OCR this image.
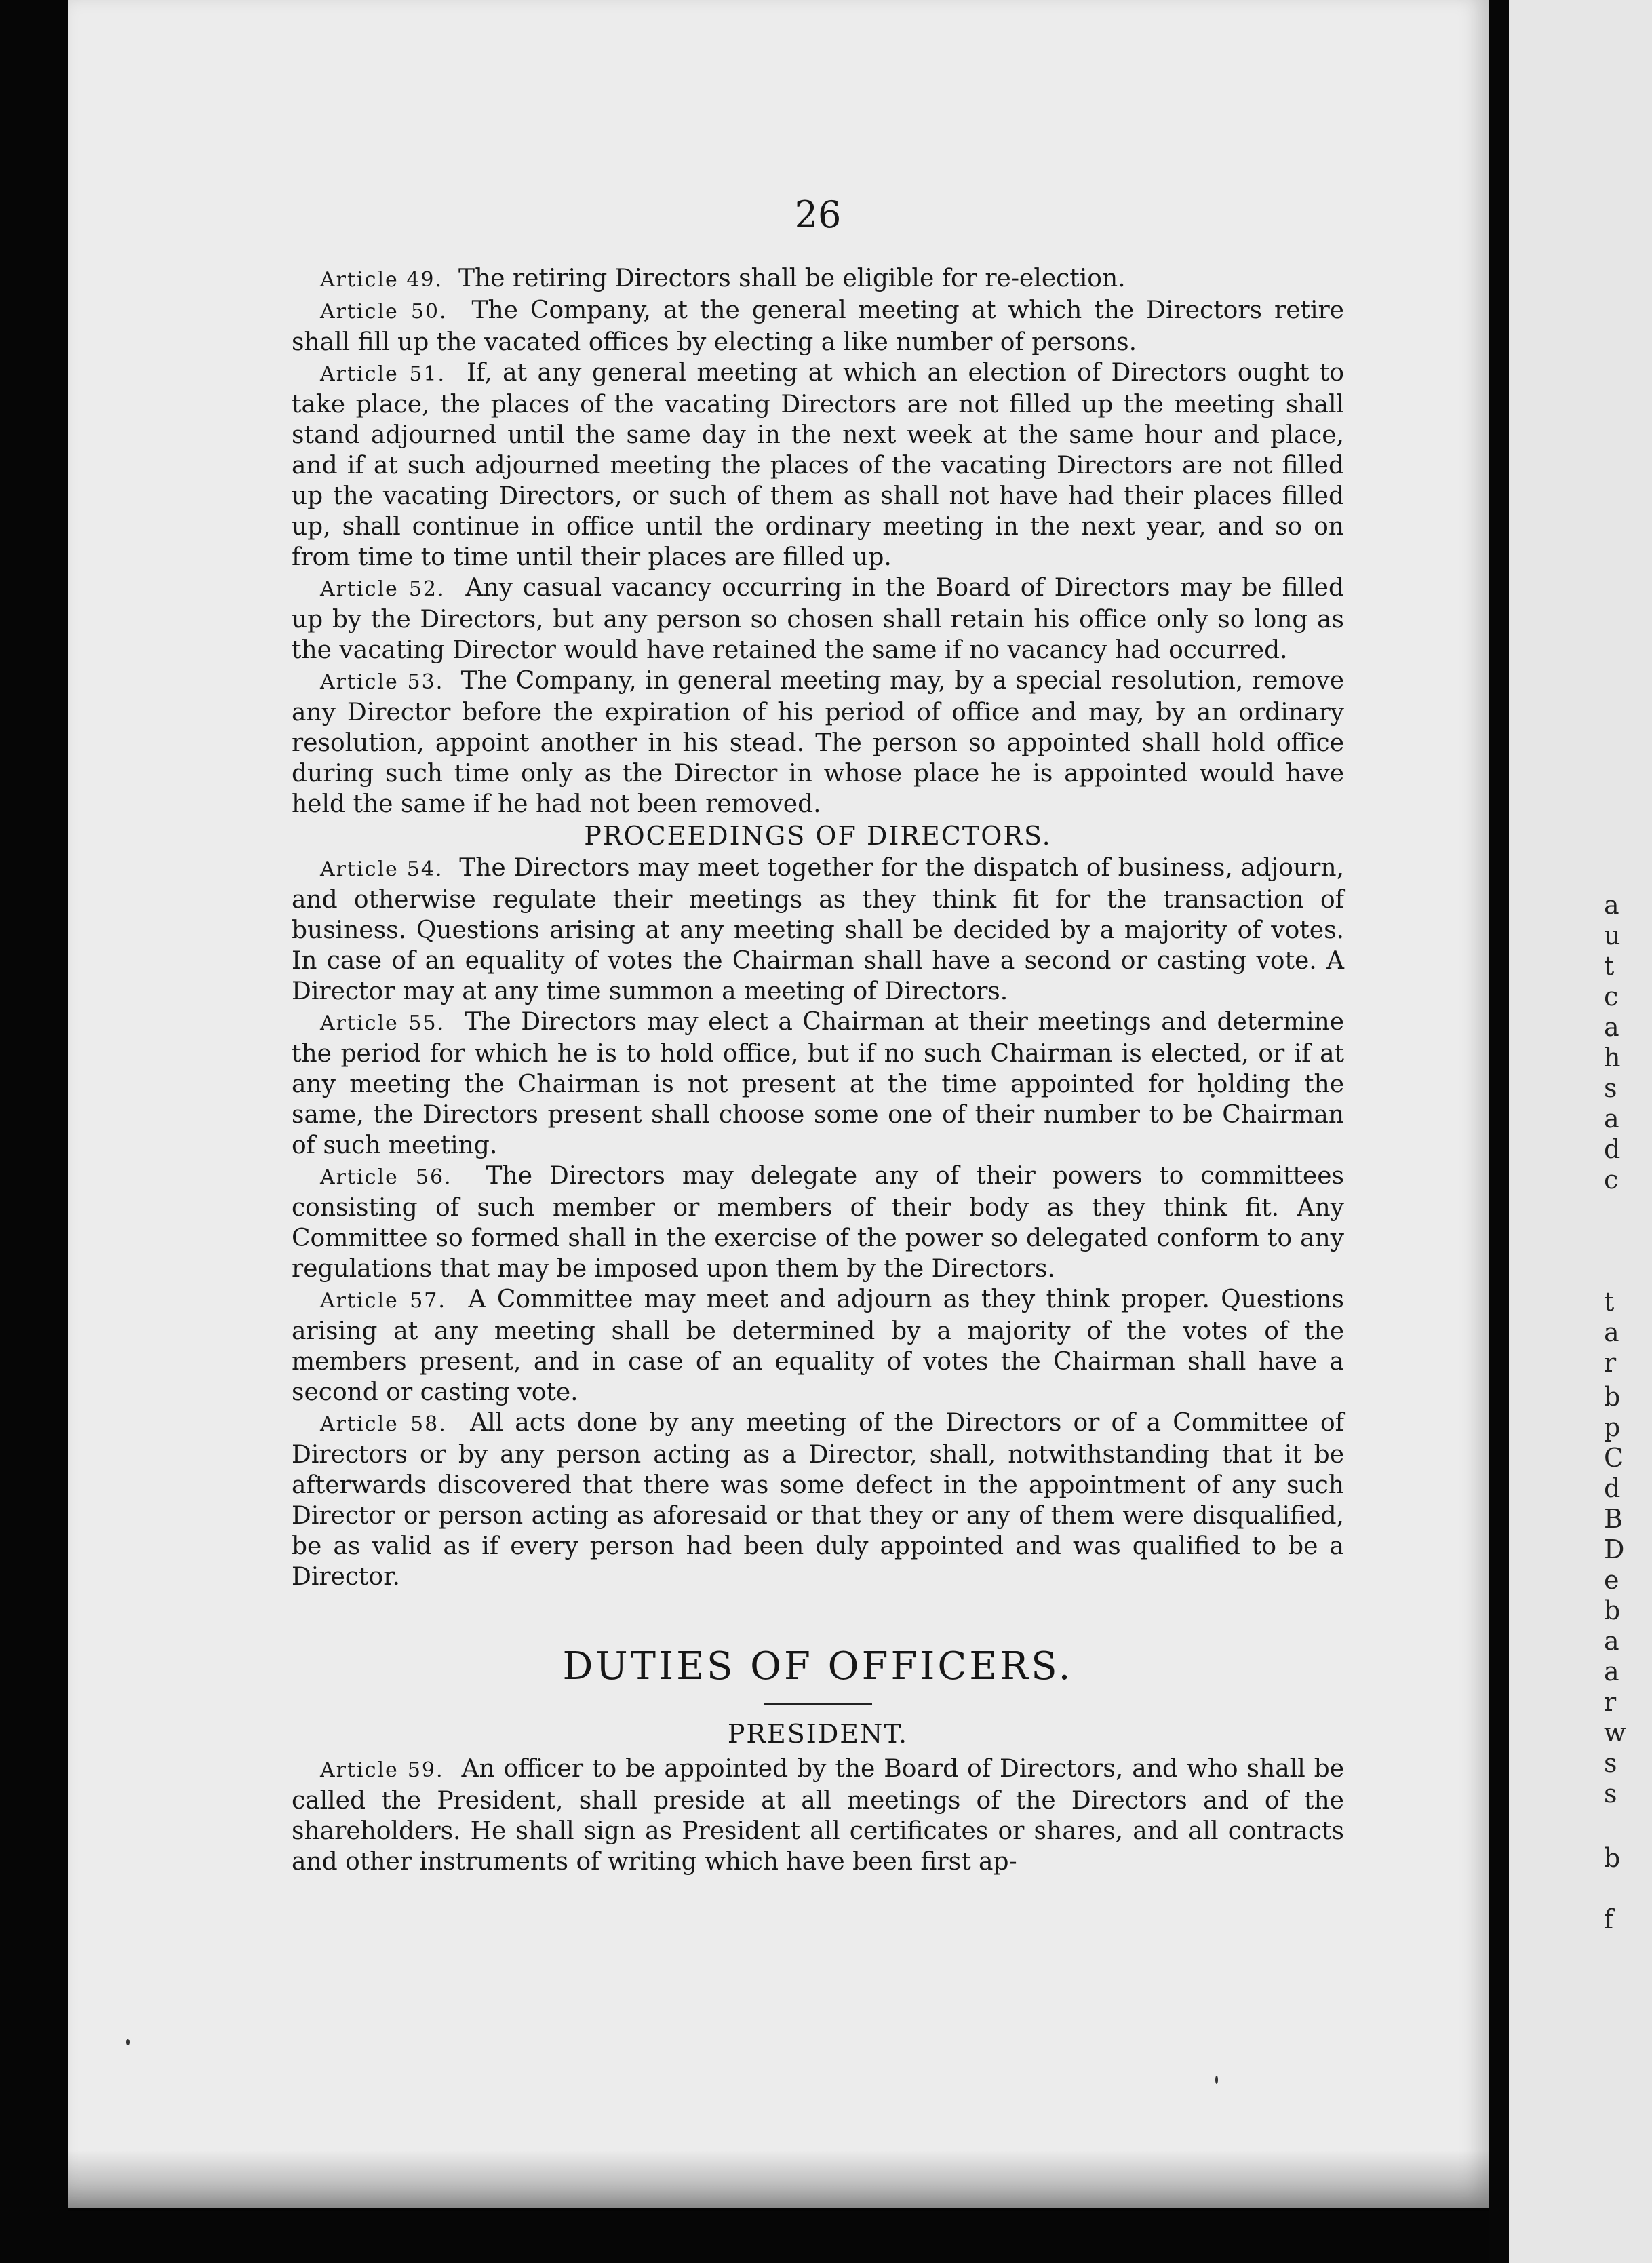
a
u
t
c
a
h
s
a
d
c
t
a
r
b
p
C
d
B
D
e
b
a
a
r
w
s
s
b
f
26

Article 49. The retiring Directors shall be eligible for re-election.

Article 50. The Company, at the general meeting at which the Directors retire shall fill up the vacated offices by electing a like number of persons.

Article 51. If, at any general meeting at which an election of Directors ought to take place, the places of the vacating Directors are not filled up the meeting shall stand adjourned until the same day in the next week at the same hour and place, and if at such adjourned meeting the places of the vacating Directors are not filled up the vacating Directors, or such of them as shall not have had their places filled up, shall continue in office until the ordinary meeting in the next year, and so on from time to time until their places are filled up.

Article 52. Any casual vacancy occurring in the Board of Directors may be filled up by the Directors, but any person so chosen shall retain his office only so long as the vacating Director would have retained the same if no vacancy had occurred.

Article 53. The Company, in general meeting may, by a special resolution, remove any Director before the expiration of his period of office and may, by an ordinary resolution, appoint another in his stead. The person so appointed shall hold office during such time only as the Director in whose place he is appointed would have held the same if he had not been removed.

PROCEEDINGS OF DIRECTORS.

Article 54. The Directors may meet together for the dispatch of business, adjourn, and otherwise regulate their meetings as they think fit for the transaction of business. Questions arising at any meeting shall be decided by a majority of votes. In case of an equality of votes the Chairman shall have a second or casting vote. A Director may at any time summon a meeting of Directors.

Article 55. The Directors may elect a Chairman at their meetings and determine the period for which he is to hold office, but if no such Chairman is elected, or if at any meeting the Chairman is not present at the time appointed for holding the same, the Directors present shall choose some one of their number to be Chairman of such meeting.

Article 56. The Directors may delegate any of their powers to committees consisting of such member or members of their body as they think fit. Any Committee so formed shall in the exercise of the power so delegated conform to any regulations that may be imposed upon them by the Directors.

Article 57. A Committee may meet and adjourn as they think proper. Questions arising at any meeting shall be determined by a majority of the votes of the members present, and in case of an equality of votes the Chairman shall have a second or casting vote.

Article 58. All acts done by any meeting of the Directors or of a Committee of Directors or by any person acting as a Director, shall, notwithstanding that it be afterwards discovered that there was some defect in the appointment of any such Director or person acting as aforesaid or that they or any of them were disqualified, be as valid as if every person had been duly appointed and was qualified to be a Director.

DUTIES OF OFFICERS.
PRESIDENT.

Article 59. An officer to be appointed by the Board of Directors, and who shall be called the President, shall preside at all meetings of the Directors and of the shareholders. He shall sign as President all certificates or shares, and all contracts and other instruments of writing which have been first ap-
